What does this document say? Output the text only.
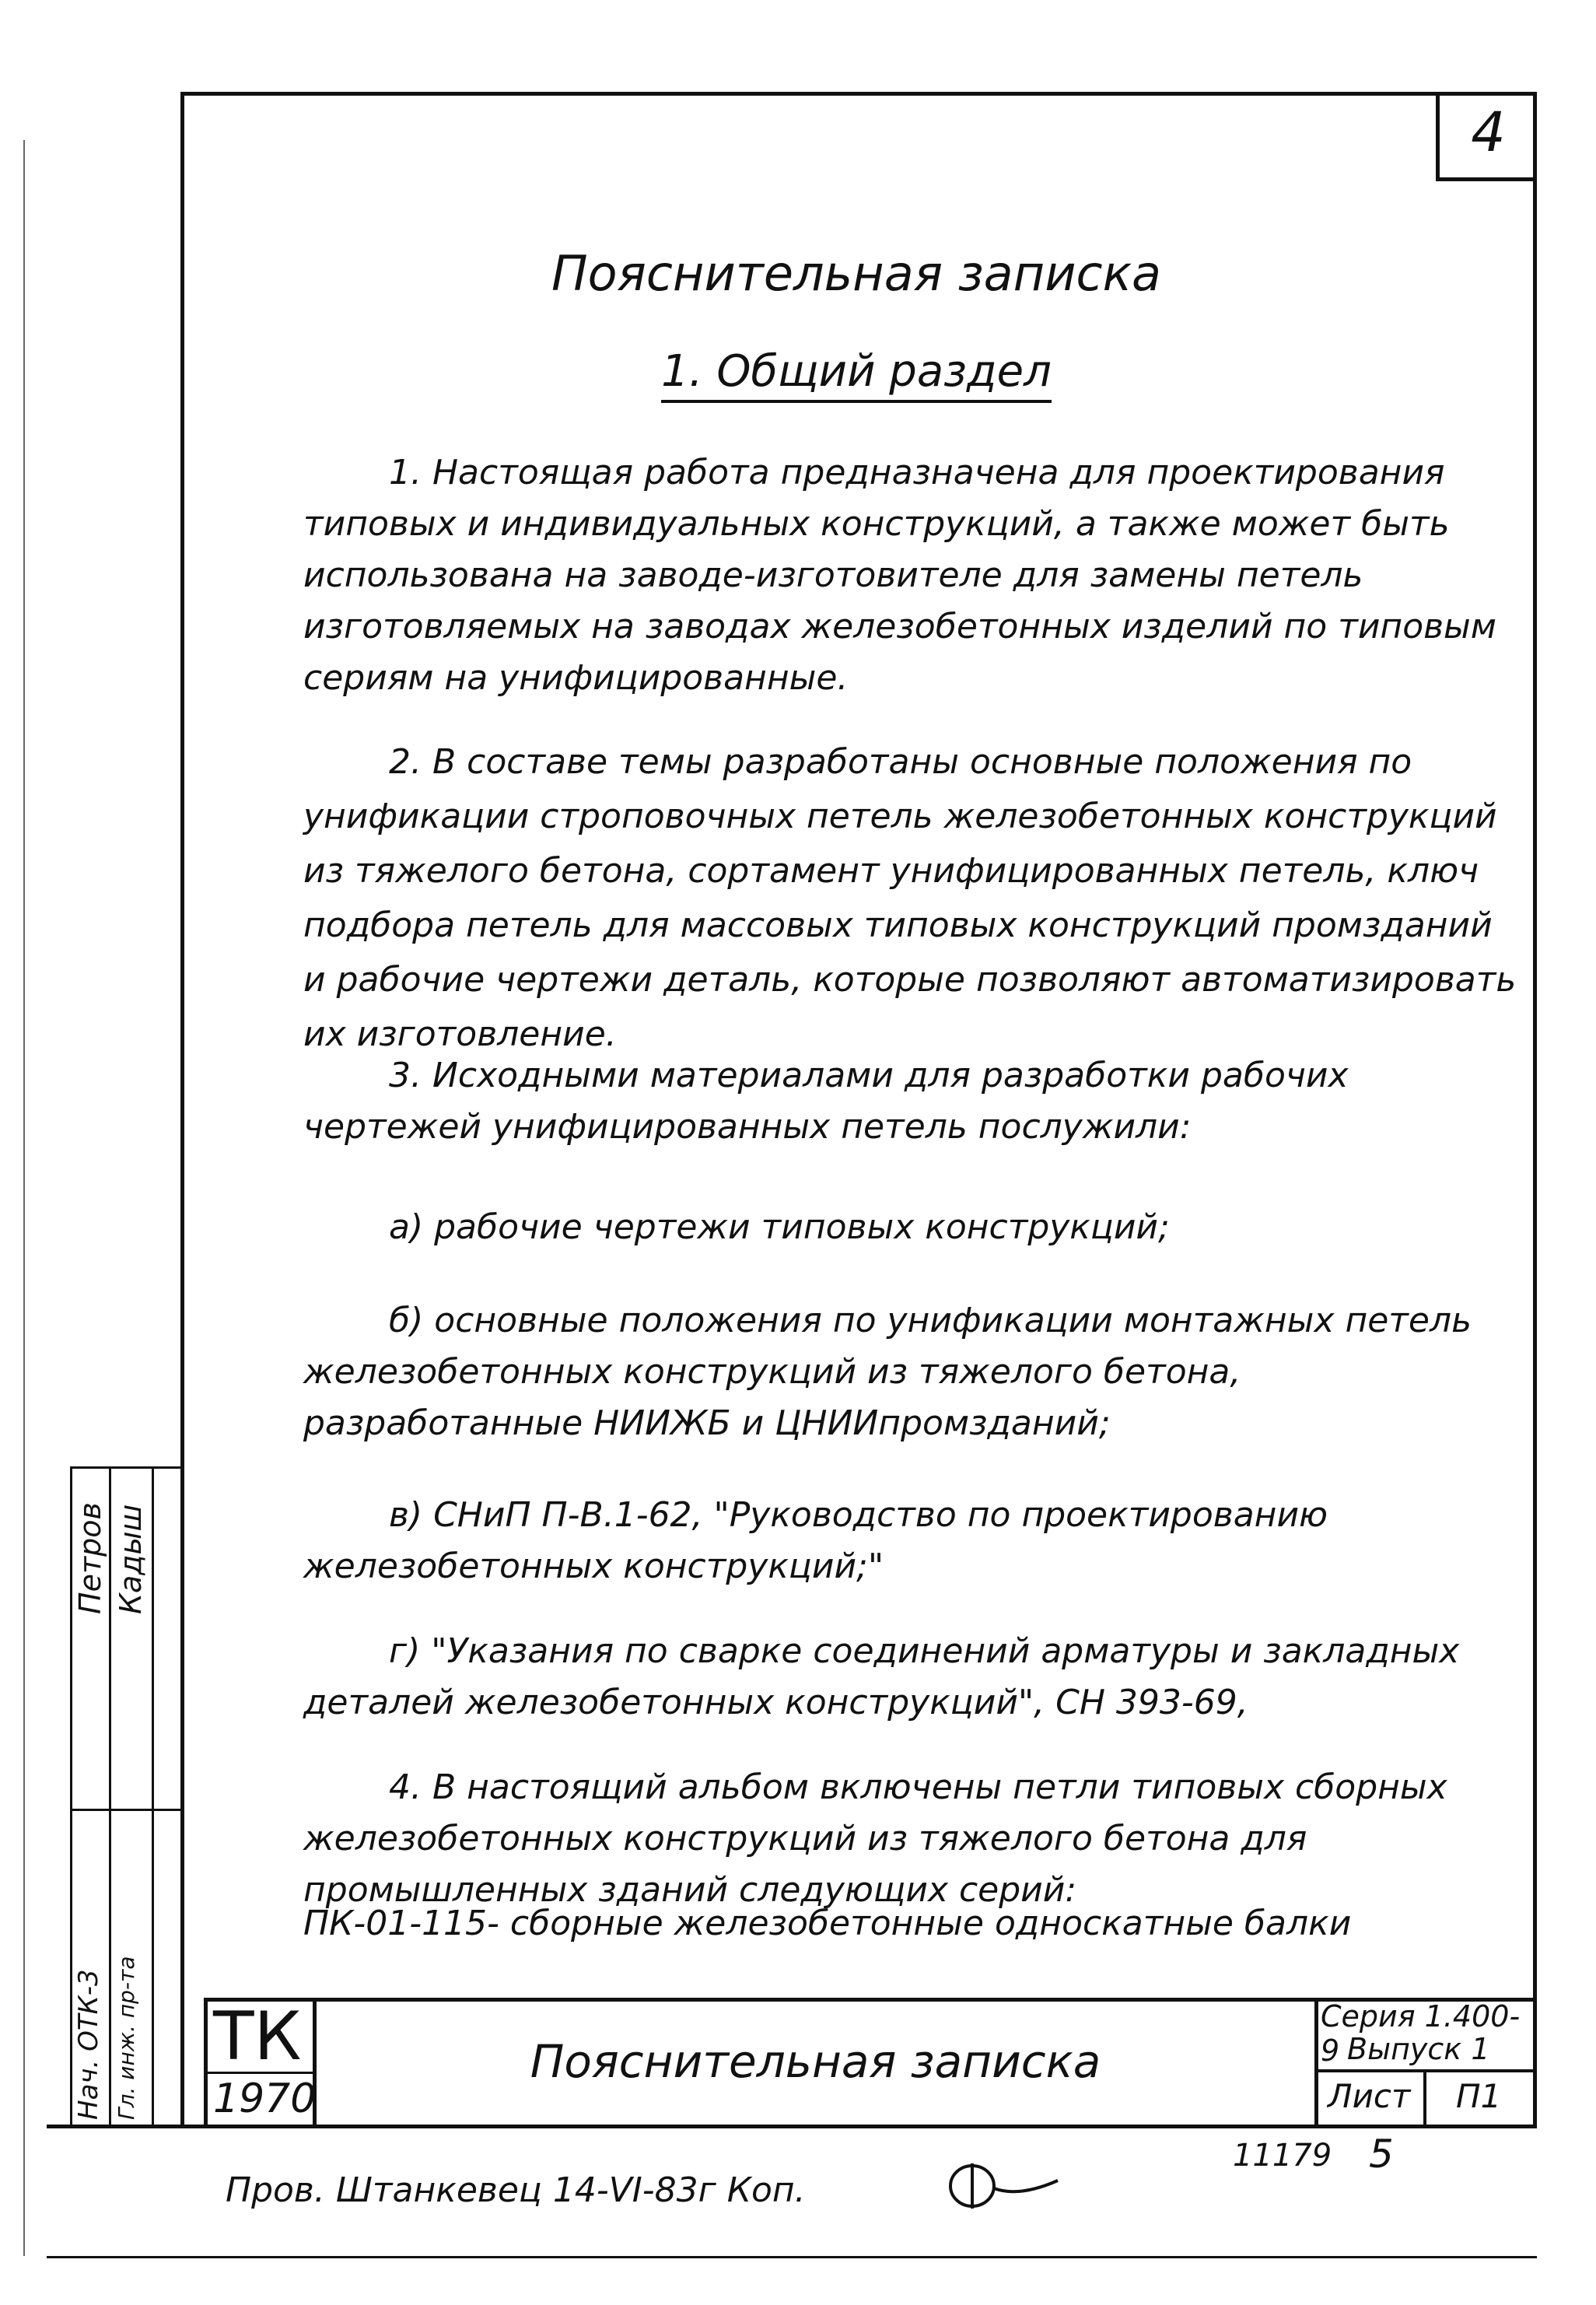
4
Пояснительная записка
1. Общий раздел
1. Настоящая работа предназначена для проектирования типовых и индивидуальных конструкций, а также может быть использована на заводе-изготовителе для замены петель изготовляемых на заводах железобетонных изделий по типовым сериям на унифицированные.
2. В составе темы разработаны основные положения по унификации строповочных петель железобетонных конструкций из тяжелого бетона, сортамент унифицированных петель, ключ подбора петель для массовых типовых конструкций промзданий и рабочие чертежи деталь, которые позволяют автоматизировать их изготовление.
3. Исходными материалами для разработки рабочих чертежей унифицированных петель послужили:
а) рабочие чертежи типовых конструкций;
б) основные положения по унификации монтажных петель железобетонных конструкций из тяжелого бетона, разработанные НИИЖБ и ЦНИИпромзданий;
в) СНиП П-В.1-62, "Руководство по проектированию железобетонных конструкций;"
г) "Указания по сварке соединений арматуры и закладных деталей железобетонных конструкций", СН 393-69,
4. В настоящий альбом включены петли типовых сборных железобетонных конструкций из тяжелого бетона для промышленных зданий следующих серий:
ПК-01-115- сборные железобетонные односкатные балки
Петров Кадыш
Нач. ОТК-3 Гл. инж. пр-та ТК
1970
Пояснительная записка
Серия 1.400-9 Выпуск 1
Лист П1
Пров. Штанкевец 14-VI-83г Коп.
11179 5
